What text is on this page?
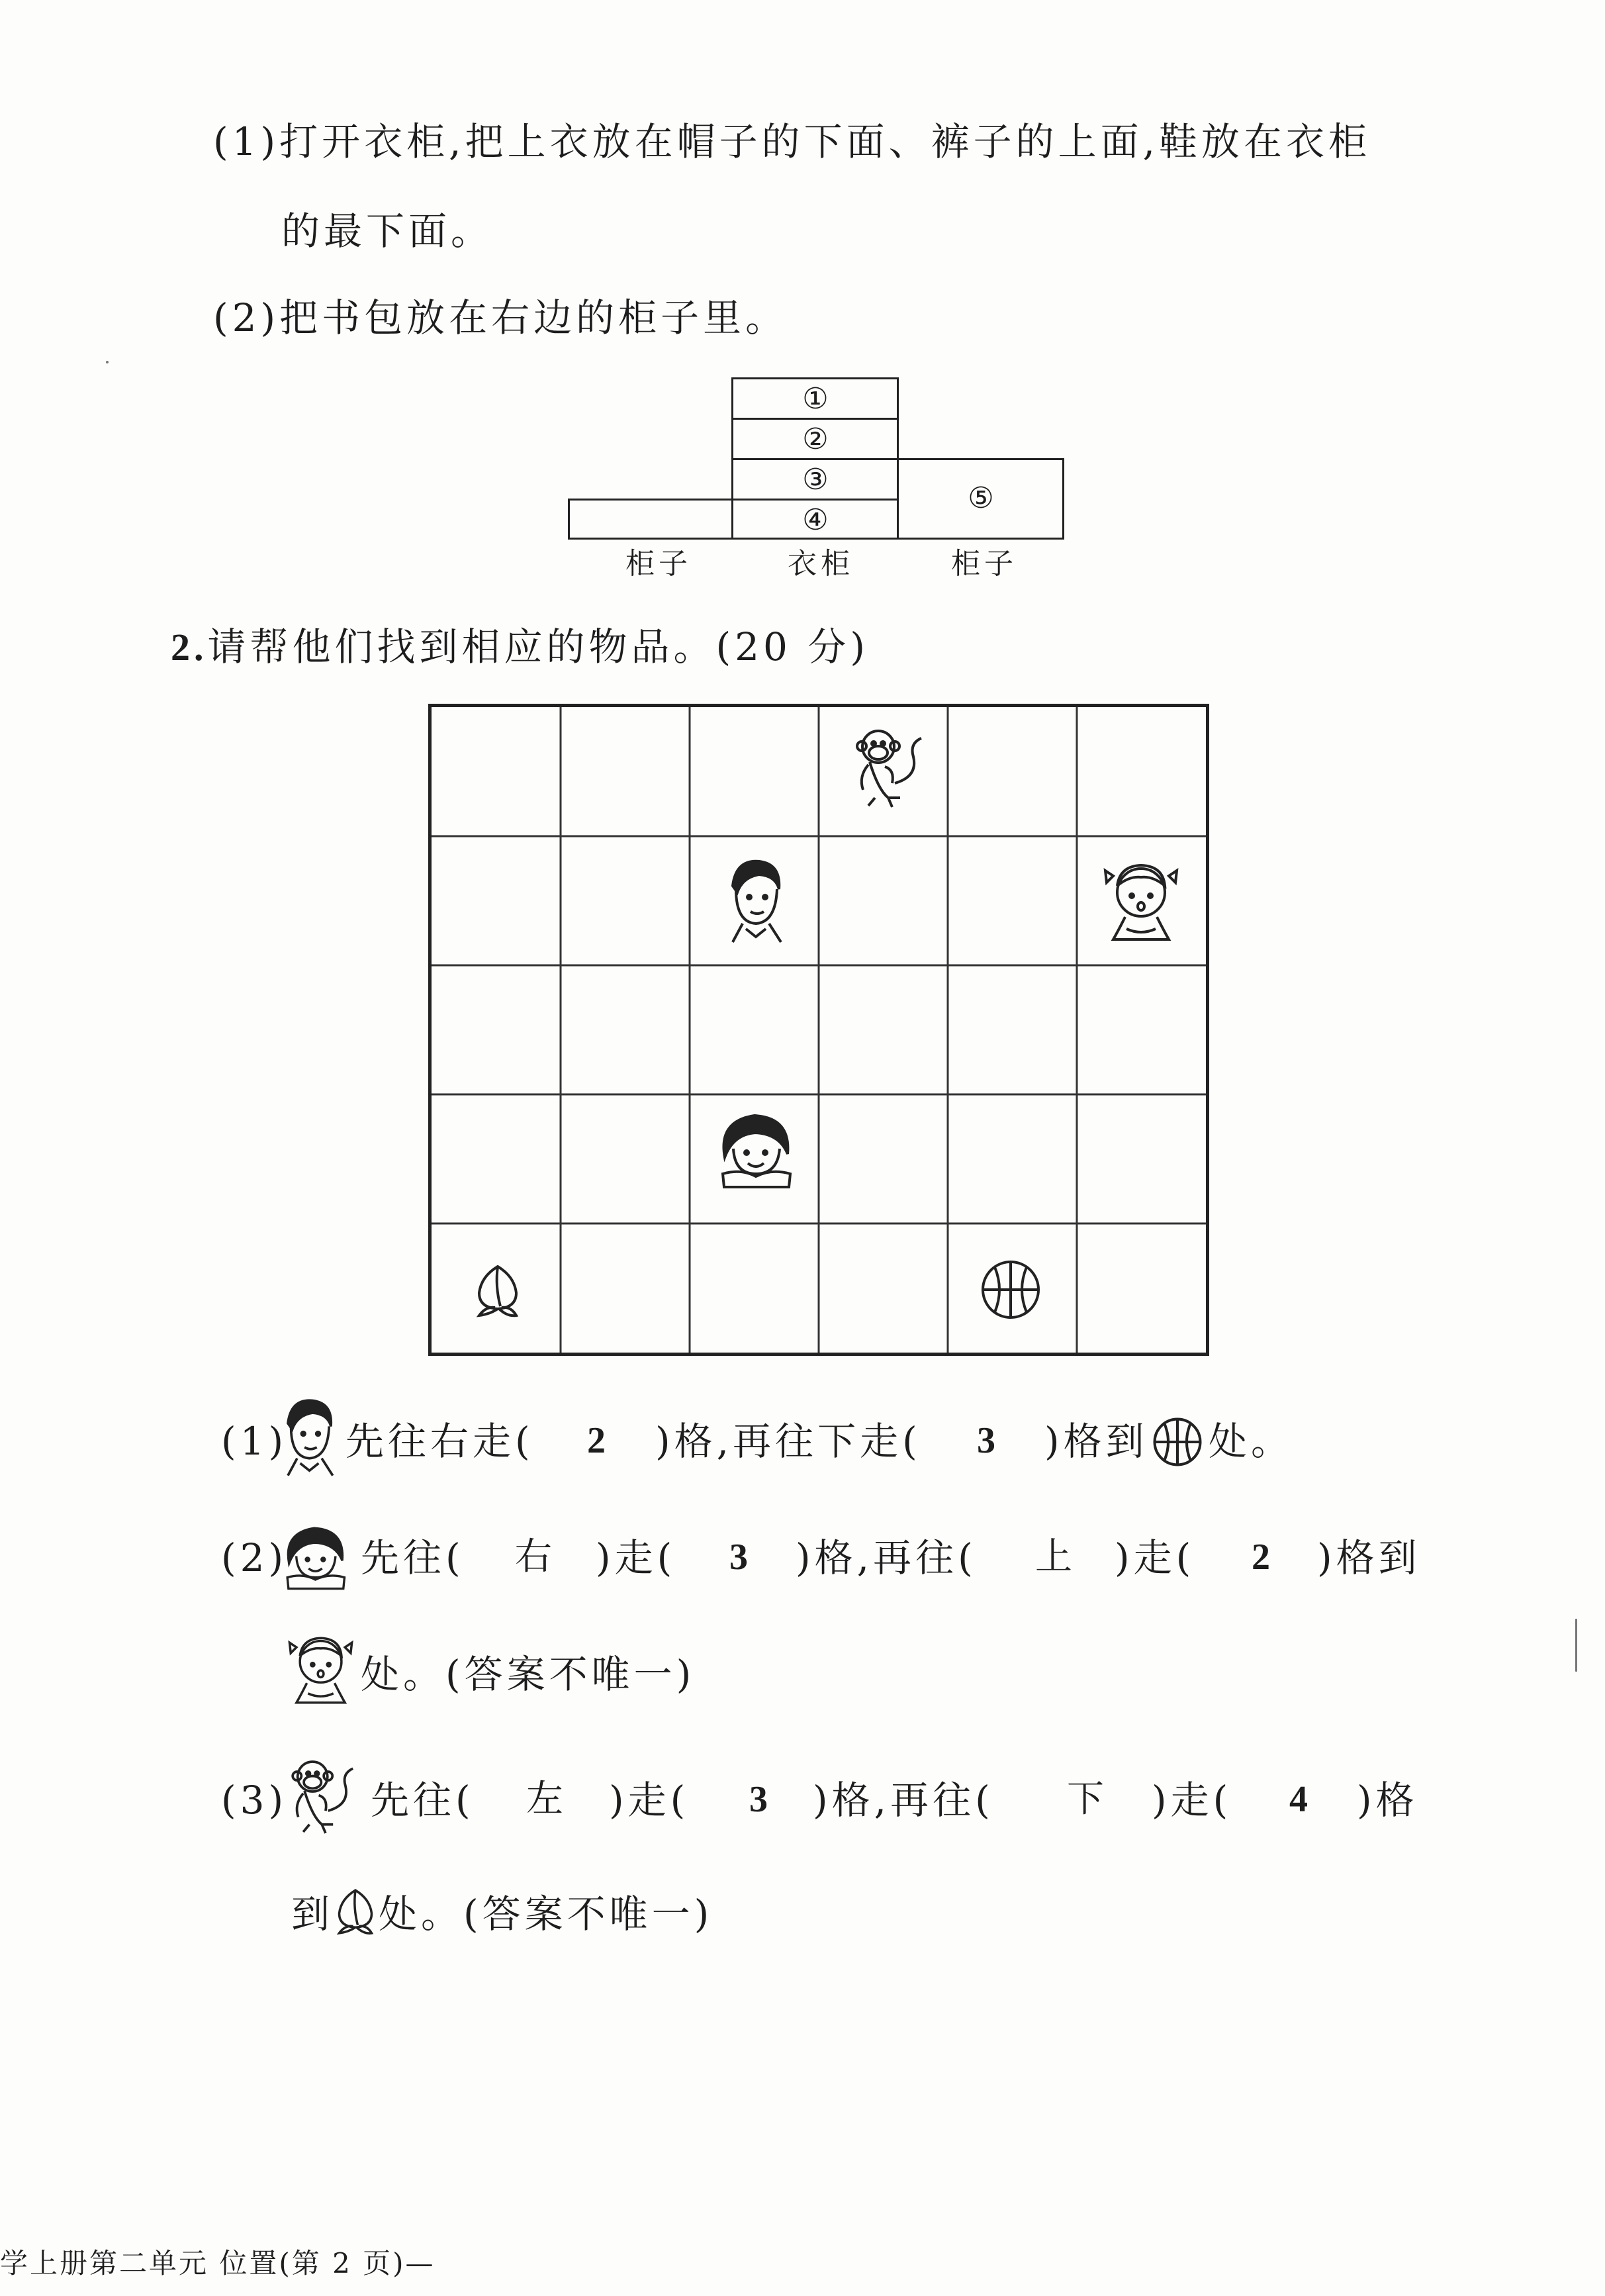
(1)打开衣柜,把上衣放在帽子的下面、裤子的上面,鞋放在衣柜
的最下面。
(2)把书包放在右边的柜子里。
①
②
③
④
⑤
柜子	衣柜	柜子
2.请帮他们找到相应的物品。(20 分)
(1) 先往右走( 2 )格,再往下走( 3 )格到 处。
(2) 先往( 右 )走( 3 )格,再往( 上 )走( 2 )格到
处。(答案不唯一)
(3) 先往( 左 )走( 3 )格,再往( 下 )走( 4 )格
到 处。(答案不唯一)
学上册第二单元 位置(第 2 页)—
